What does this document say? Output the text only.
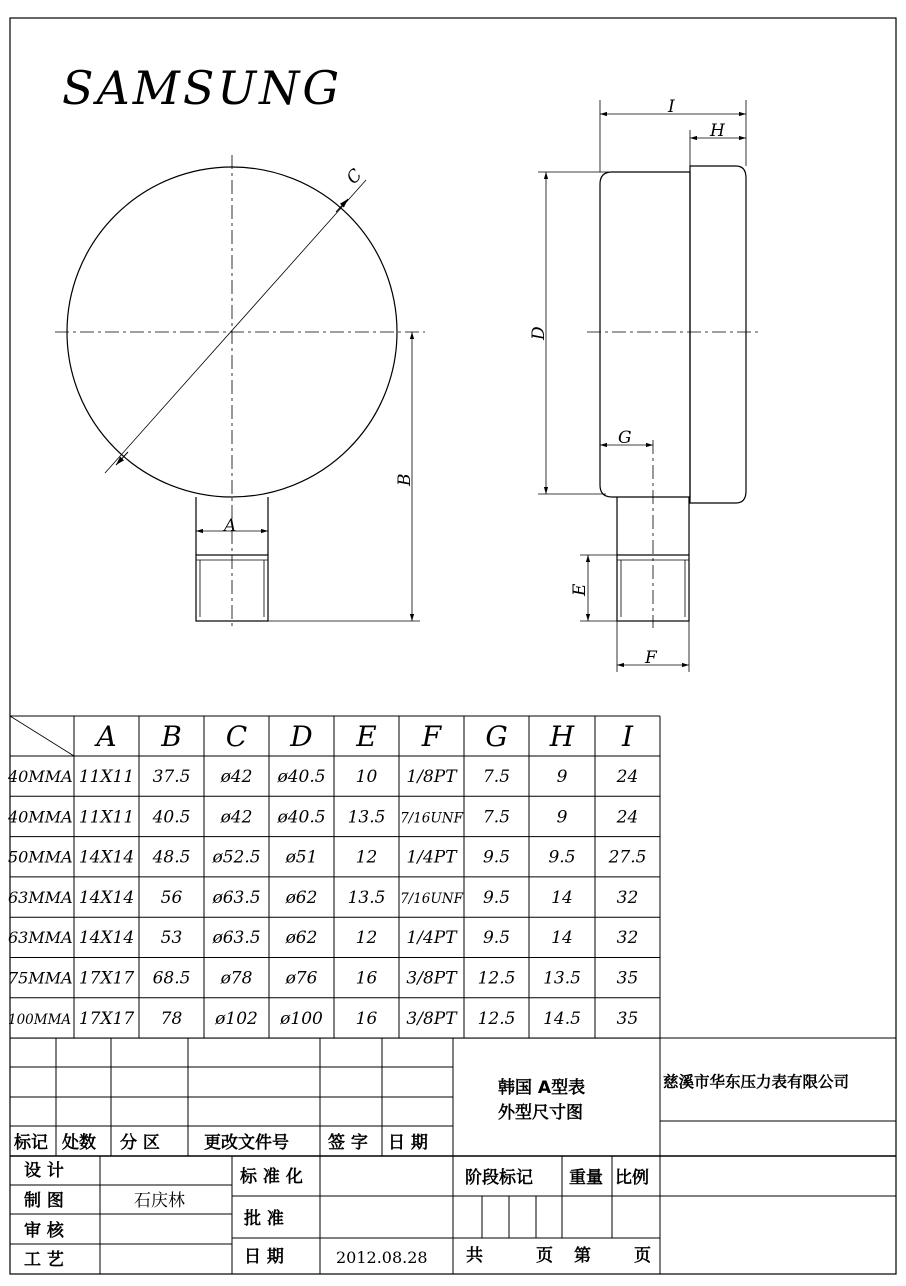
SAMSUNG
A
B
C
I
H
D
G
E
F
A B C D E F G H I
40MMA 11X11 37.5 ø42 ø40.5 10 1/8PT 7.5	9	24
40MMA 11X11 40.5 ø42 ø40.5 13.5 7/16UNF 7.5	9	24
50MMA 14X14 48.5 ø52.5 ø51 12 1/4PT 9.5 9.5 27.5
63MMA 14X14 56 ø63.5 ø62 13.5 7/16UNF 9.5 14	32
63MMA 14X14 53 ø63.5 ø62 12 1/4PT 9.5 14	32
75MMA 17X17 68.5 ø78 ø76 16 3/8PT 12.5 13.5 35
100MMA 17X17 78 ø102 ø100 16 3/8PT 12.5 14.5 35
标记 处数 分 区	更改文件号 签 字 日 期
韩国 A型表
外型尺寸图
慈溪市华东压力表有限公司
设 计
制 图	石庆林
审 核
工 艺
标 准 化
批 准
日 期	2012.08.28
阶段标记 重量 比例
共	页 第	页
